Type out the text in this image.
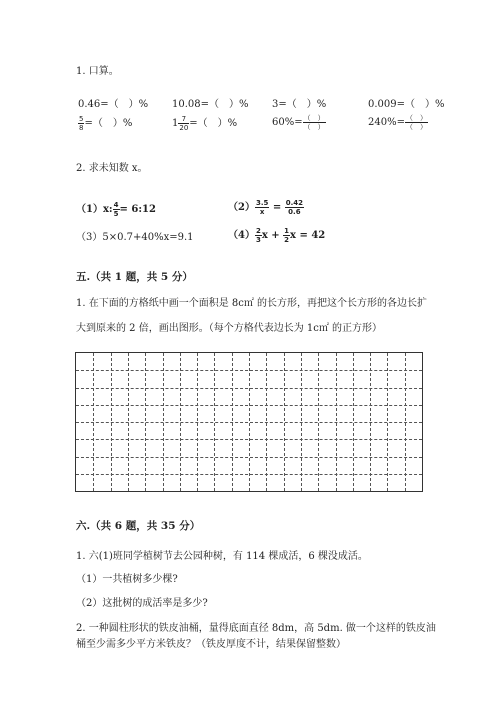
1. 口算。
0.46=（　）% 10.08=（　）% 3=（　）%	0.009=（　）%
$\frac{5}{8}$ =（　）%	$1 \frac{7}{20}$ =（　）%	$60\%= \frac{( )}{( )}$	$240\%= \frac{( )}{( )}$
2. 求未知数 x。
（1）x: $\frac{4}{5}$ = 6:12	$(2) \frac{3.5}{x} = \frac{0.42}{0.6}$
（3）5×0.7+40%x=9.1	$(4) \frac{2}{3}$ $x + \frac{1}{2}$ x = 42
五.（共 1 题，共 5 分）
1. 在下面的方格纸中画一个面积是 8c㎡ 的长方形，再把这个长方形的各边长扩
大到原来的 2 倍，画出图形。（每个方格代表边长为 1c㎡ 的正方形）
六.（共 6 题，共 35 分）
1. 六(1)班同学植树节去公园种树，有 114 棵成活，6 棵没成活。
（1）一共植树多少棵?
（2）这批树的成活率是多少?
2. 一种圆柱形状的铁皮油桶，量得底面直径 8dm，高 5dm. 做一个这样的铁皮油
桶至少需多少平方米铁皮？（铁皮厚度不计，结果保留整数）
